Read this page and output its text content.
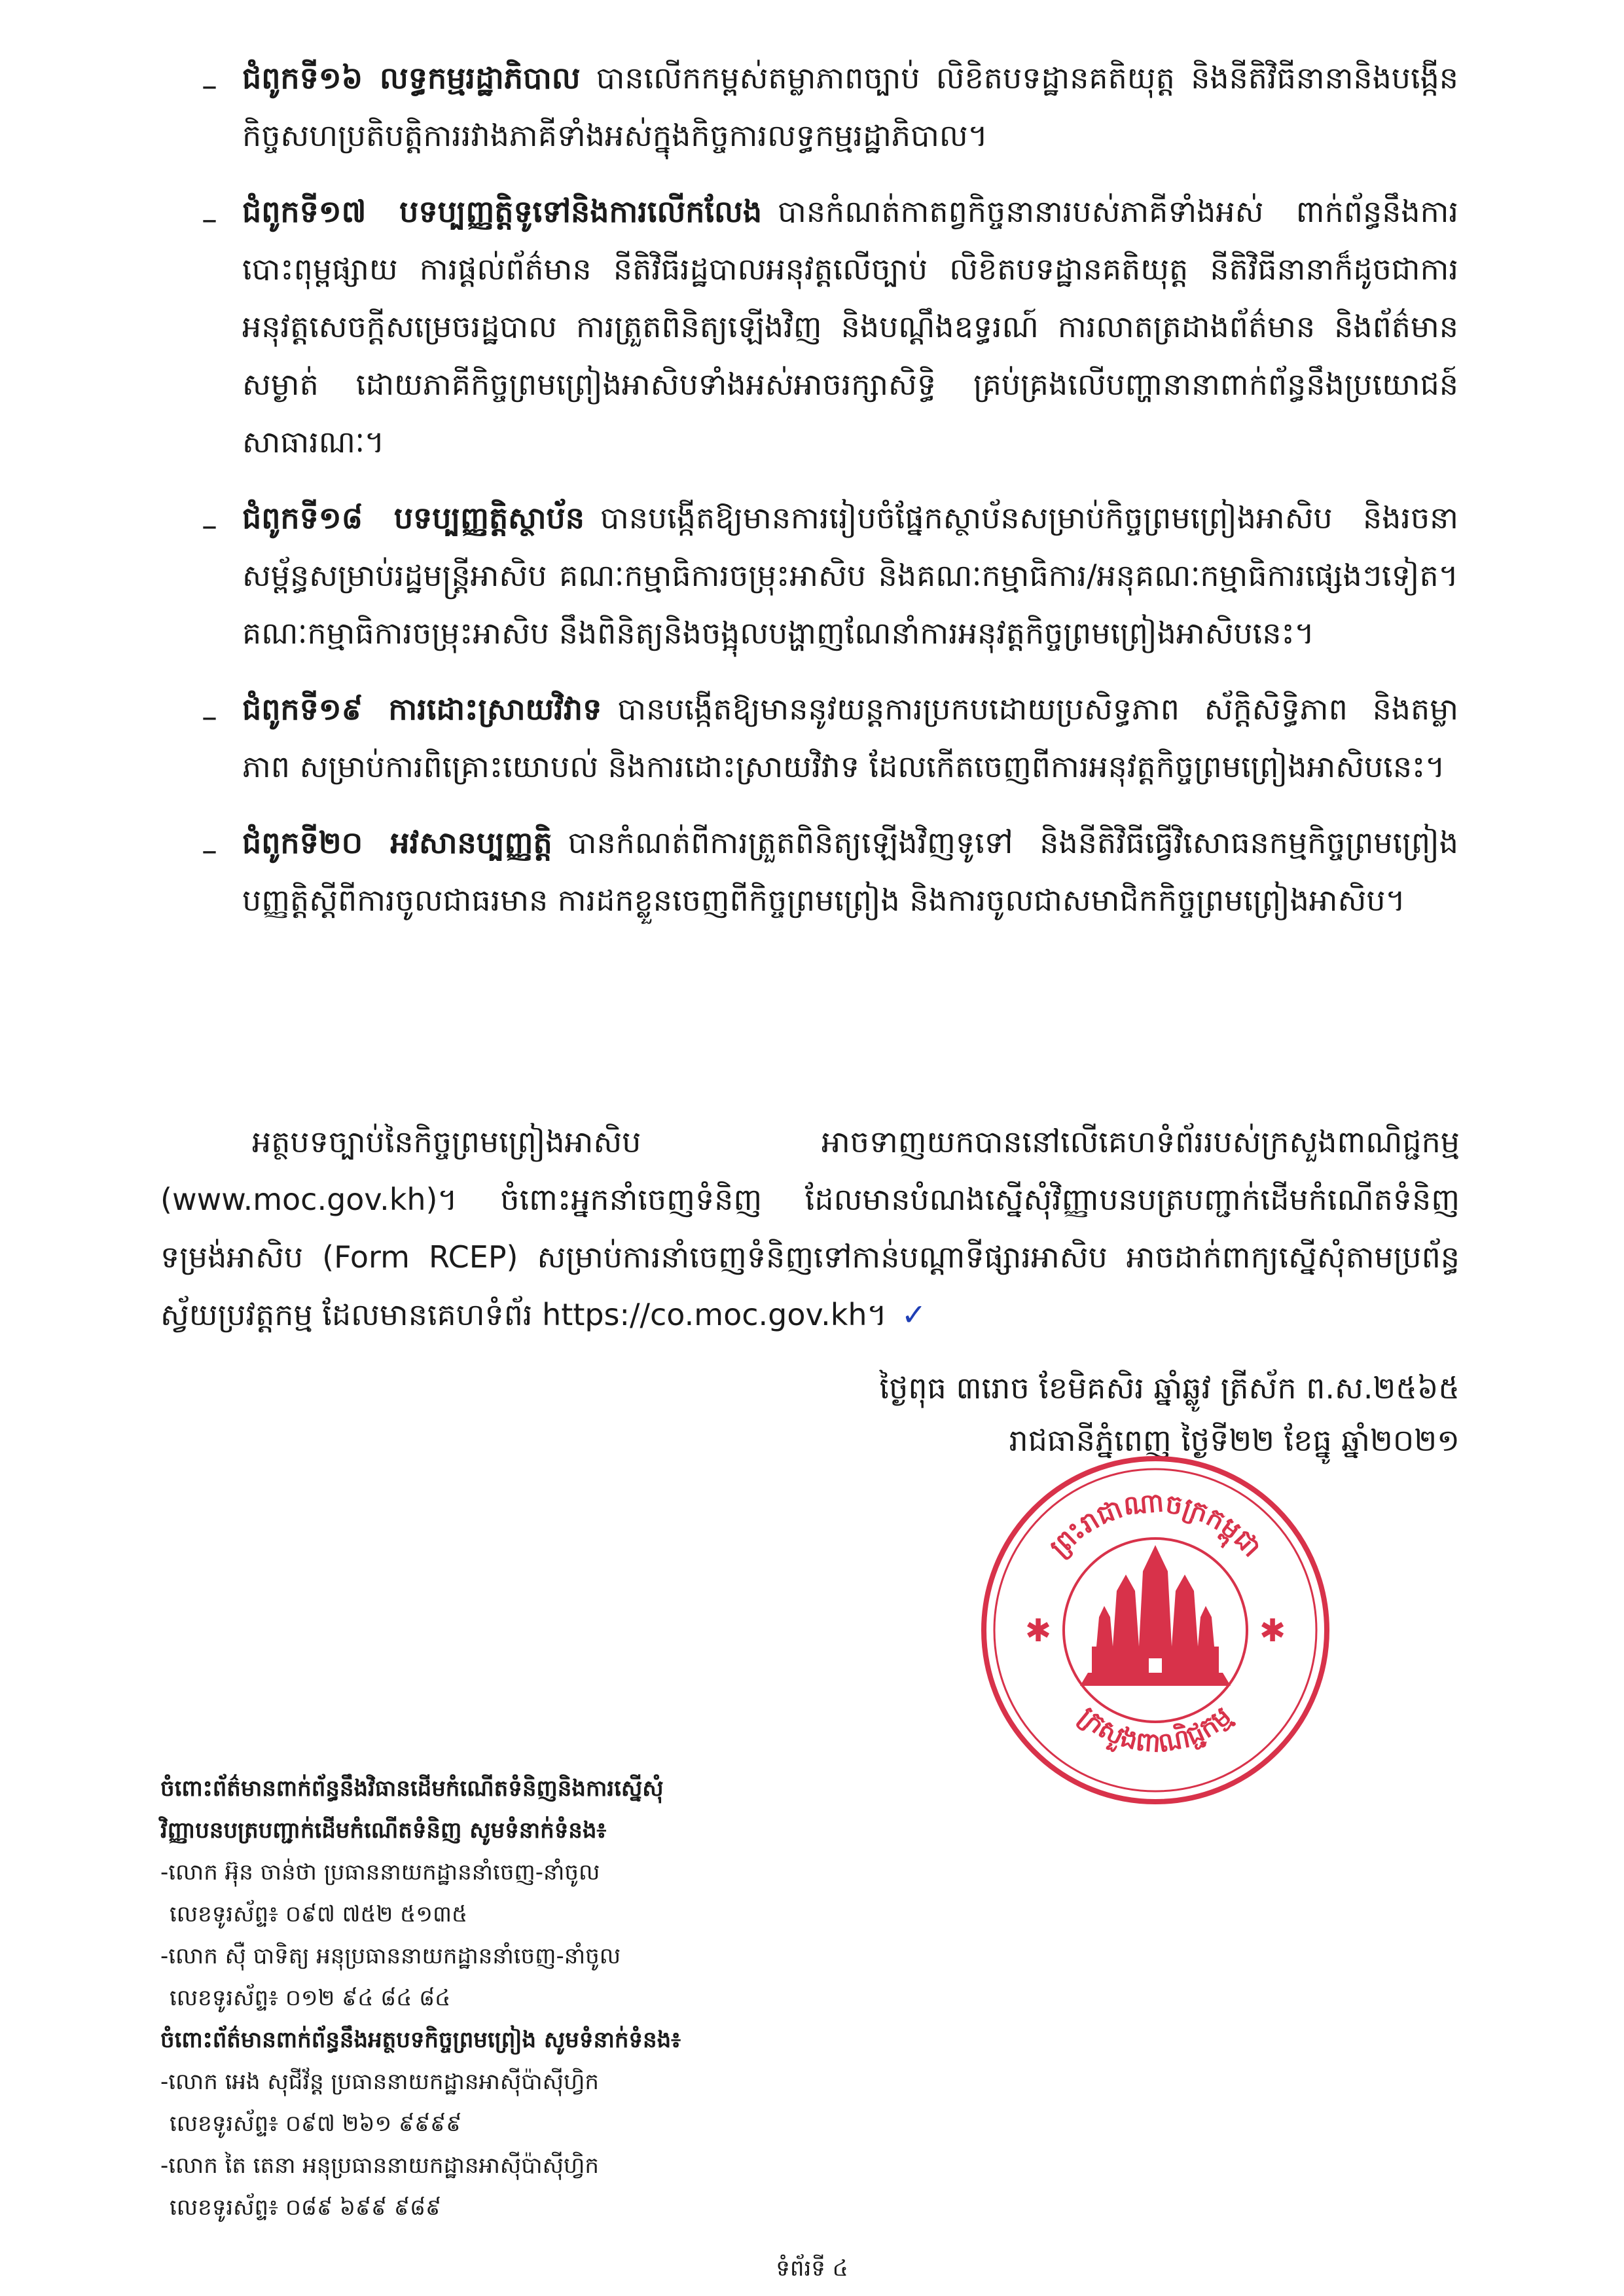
– ជំពូកទី១៦ លទ្ធកម្មរដ្ឋាភិបាល បានលើកកម្ពស់តម្លាភាពច្បាប់ លិខិតបទដ្ឋានគតិយុត្ត និងនីតិវិធីនានានិងបង្កើនកិច្ចសហប្រតិបត្តិការរវាងភាគីទាំងអស់ក្នុងកិច្ចការលទ្ធកម្មរដ្ឋាភិបាល។
– ជំពូកទី១៧ បទប្បញ្ញត្តិទូទៅនិងការលើកលែង បានកំណត់កាតព្វកិច្ចនានារបស់ភាគីទាំងអស់ ពាក់ព័ន្ធនឹងការបោះពុម្ពផ្សាយ ការផ្តល់ព័ត៌មាន នីតិវិធីរដ្ឋបាលអនុវត្តលើច្បាប់ លិខិតបទដ្ឋានគតិយុត្ត នីតិវិធីនានាក៏ដូចជាការអនុវត្តសេចក្តីសម្រេចរដ្ឋបាល ការត្រួតពិនិត្យឡើងវិញ និងបណ្តឹងឧទ្ធរណ៍ ការលាតត្រដាងព័ត៌មាន និងព័ត៌មានសម្ងាត់ ដោយភាគីកិច្ចព្រមព្រៀងអាសិបទាំងអស់អាចរក្សាសិទ្ធិ គ្រប់គ្រងលើបញ្ហានានាពាក់ព័ន្ធនឹងប្រយោជន៍សាធារណៈ។
– ជំពូកទី១៨ បទប្បញ្ញត្តិស្ថាប័ន បានបង្កើតឱ្យមានការរៀបចំផ្នែកស្ថាប័នសម្រាប់កិច្ចព្រមព្រៀងអាសិប និងរចនាសម្ព័ន្ធសម្រាប់រដ្ឋមន្រ្តីអាសិប គណៈកម្មាធិការចម្រុះអាសិប និងគណៈកម្មាធិការ/អនុគណៈកម្មាធិការផ្សេងៗទៀត។ គណៈកម្មាធិការចម្រុះអាសិប នឹងពិនិត្យនិងចង្អុលបង្ហាញណែនាំការអនុវត្តកិច្ចព្រមព្រៀងអាសិបនេះ។
– ជំពូកទី១៩ ការដោះស្រាយវិវាទ បានបង្កើតឱ្យមាននូវយន្តការប្រកបដោយប្រសិទ្ធភាព ស័ក្តិសិទ្ធិភាព និងតម្លាភាព សម្រាប់ការពិគ្រោះយោបល់ និងការដោះស្រាយវិវាទ ដែលកើតចេញពីការអនុវត្តកិច្ចព្រមព្រៀងអាសិបនេះ។
– ជំពូកទី២០ អវសានប្បញ្ញត្តិ បានកំណត់ពីការត្រួតពិនិត្យឡើងវិញទូទៅ និងនីតិវិធីធ្វើវិសោធនកម្មកិច្ចព្រមព្រៀង បញ្ញត្តិស្តីពីការចូលជាធរមាន ការដកខ្លួនចេញពីកិច្ចព្រមព្រៀង និងការចូលជាសមាជិកកិច្ចព្រមព្រៀងអាសិប។
អត្ថបទច្បាប់នៃកិច្ចព្រមព្រៀងអាសិប អាចទាញយកបាននៅលើគេហទំព័ររបស់ក្រសួងពាណិជ្ជកម្ម (www.moc.gov.kh)។ ចំពោះអ្នកនាំចេញទំនិញ ដែលមានបំណងស្នើសុំវិញ្ញាបនបត្របញ្ជាក់ដើមកំណើតទំនិញទម្រង់អាសិប (Form RCEP) សម្រាប់ការនាំចេញទំនិញទៅកាន់បណ្តាទីផ្សារអាសិប អាចដាក់ពាក្យស្នើសុំតាមប្រព័ន្ធស្វ័យប្រវត្តកម្ម ដែលមានគេហទំព័រ https://co.moc.gov.kh។ ✓
ថ្ងៃពុធ ៣រោច ខែមិគសិរ ឆ្នាំឆ្លូវ ត្រីស័ក ព.ស.២៥៦៥
រាជធានីភ្នំពេញ ថ្ងៃទី២២ ខែធ្នូ ឆ្នាំ២០២១
ព្រះរាជាណាចក្រកម្ពុជា
ក្រសួងពាណិជ្ជកម្ម
✱	✱
ចំពោះព័ត៌មានពាក់ព័ន្ធនឹងវិធានដើមកំណើតទំនិញនិងការស្នើសុំ
វិញ្ញាបនបត្របញ្ជាក់ដើមកំណើតទំនិញ សូមទំនាក់ទំនង៖
-លោក អ៊ុន ចាន់ថា ប្រធាននាយកដ្ឋាននាំចេញ-នាំចូល
លេខទូរស័ព្ទ៖ ០៩៧ ៧៥២ ៥១៣៥
-លោក ស៊ឺ បាទិត្យ អនុប្រធាននាយកដ្ឋាននាំចេញ-នាំចូល
លេខទូរស័ព្ទ៖ ០១២ ៩៤ ៨៤ ៨៤
ចំពោះព័ត៌មានពាក់ព័ន្ធនឹងអត្ថបទកិច្ចព្រមព្រៀង សូមទំនាក់ទំនង៖
-លោក អេង សុជីវ័ន្ត ប្រធាននាយកដ្ឋានអាស៊ីប៉ាស៊ីហ្វិក
លេខទូរស័ព្ទ៖ ០៩៧ ២៦១ ៩៩៩៩
-លោក តៃ តេនា អនុប្រធាននាយកដ្ឋានអាស៊ីប៉ាស៊ីហ្វិក
លេខទូរស័ព្ទ៖ ០៨៩ ៦៩៩ ៩៨៩
ទំព័រទី ៤
